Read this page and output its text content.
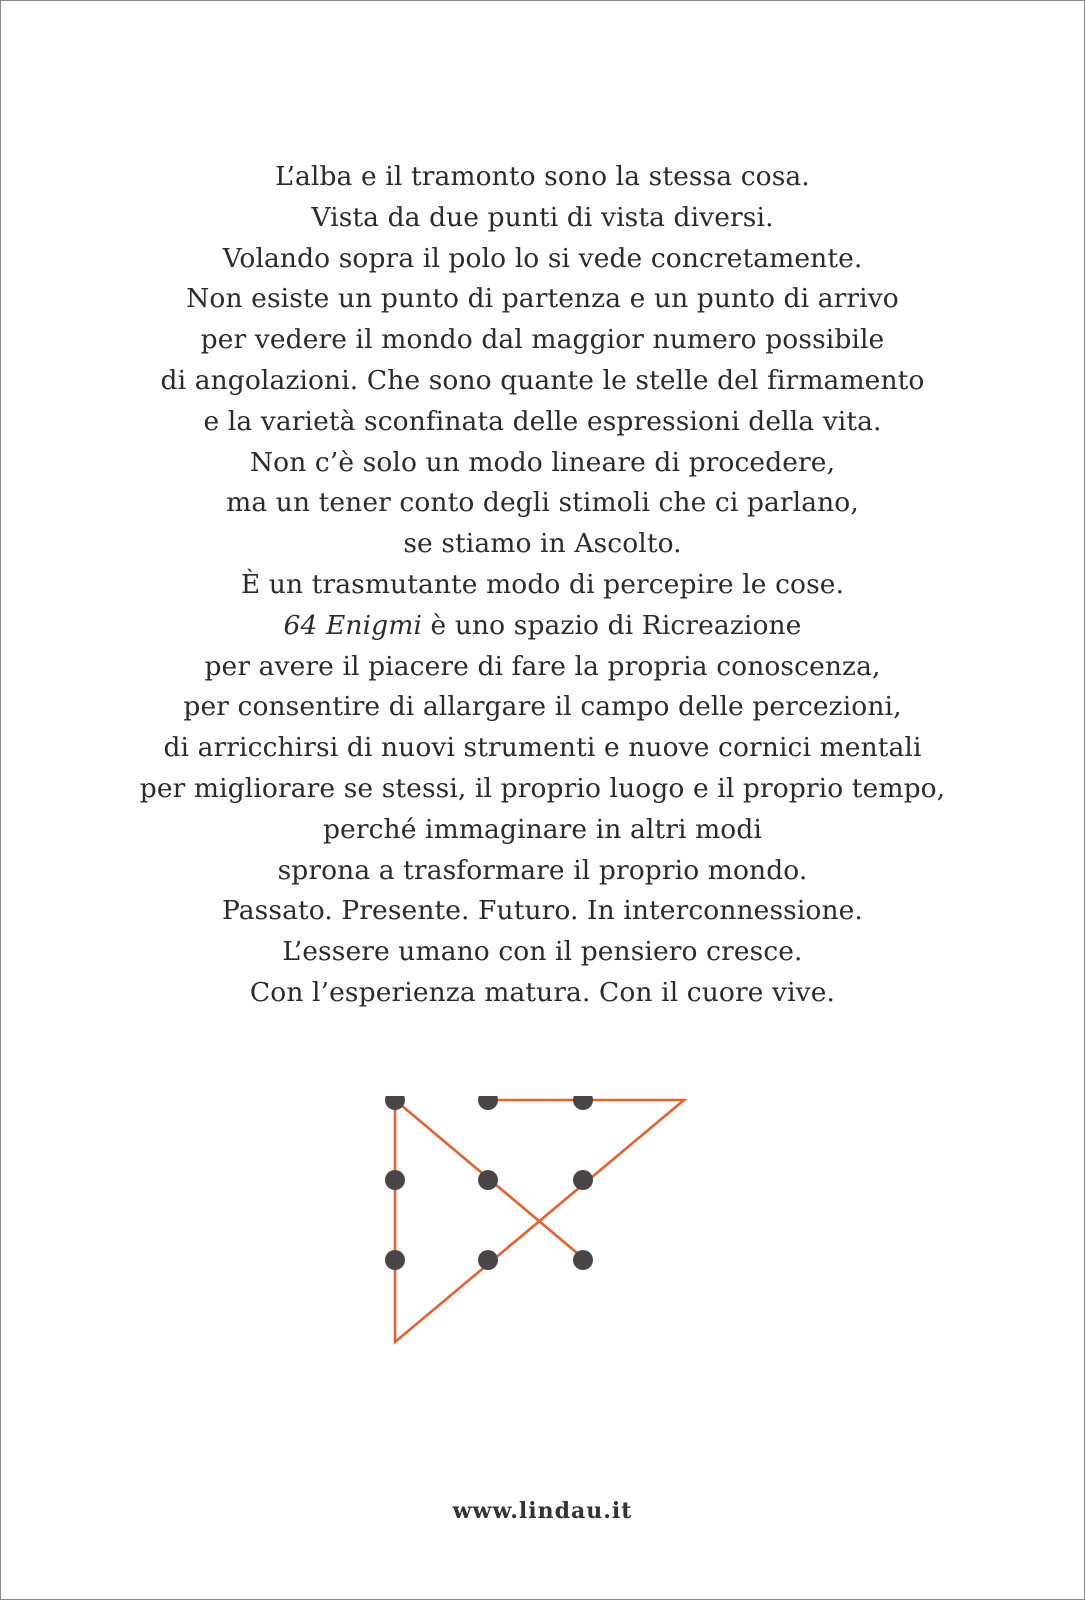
L’alba e il tramonto sono la stessa cosa.
Vista da due punti di vista diversi.
Volando sopra il polo lo si vede concretamente.
Non esiste un punto di partenza e un punto di arrivo
per vedere il mondo dal maggior numero possibile
di angolazioni. Che sono quante le stelle del firmamento
e la varietà sconfinata delle espressioni della vita.
Non c’è solo un modo lineare di procedere,
ma un tener conto degli stimoli che ci parlano,
se stiamo in Ascolto.
È un trasmutante modo di percepire le cose.
64 Enigmi è uno spazio di Ricreazione
per avere il piacere di fare la propria conoscenza,
per consentire di allargare il campo delle percezioni,
di arricchirsi di nuovi strumenti e nuove cornici mentali
per migliorare se stessi, il proprio luogo e il proprio tempo,
perché immaginare in altri modi
sprona a trasformare il proprio mondo.
Passato. Presente. Futuro. In interconnessione.
L’essere umano con il pensiero cresce.
Con l’esperienza matura. Con il cuore vive.
www.lindau.it
